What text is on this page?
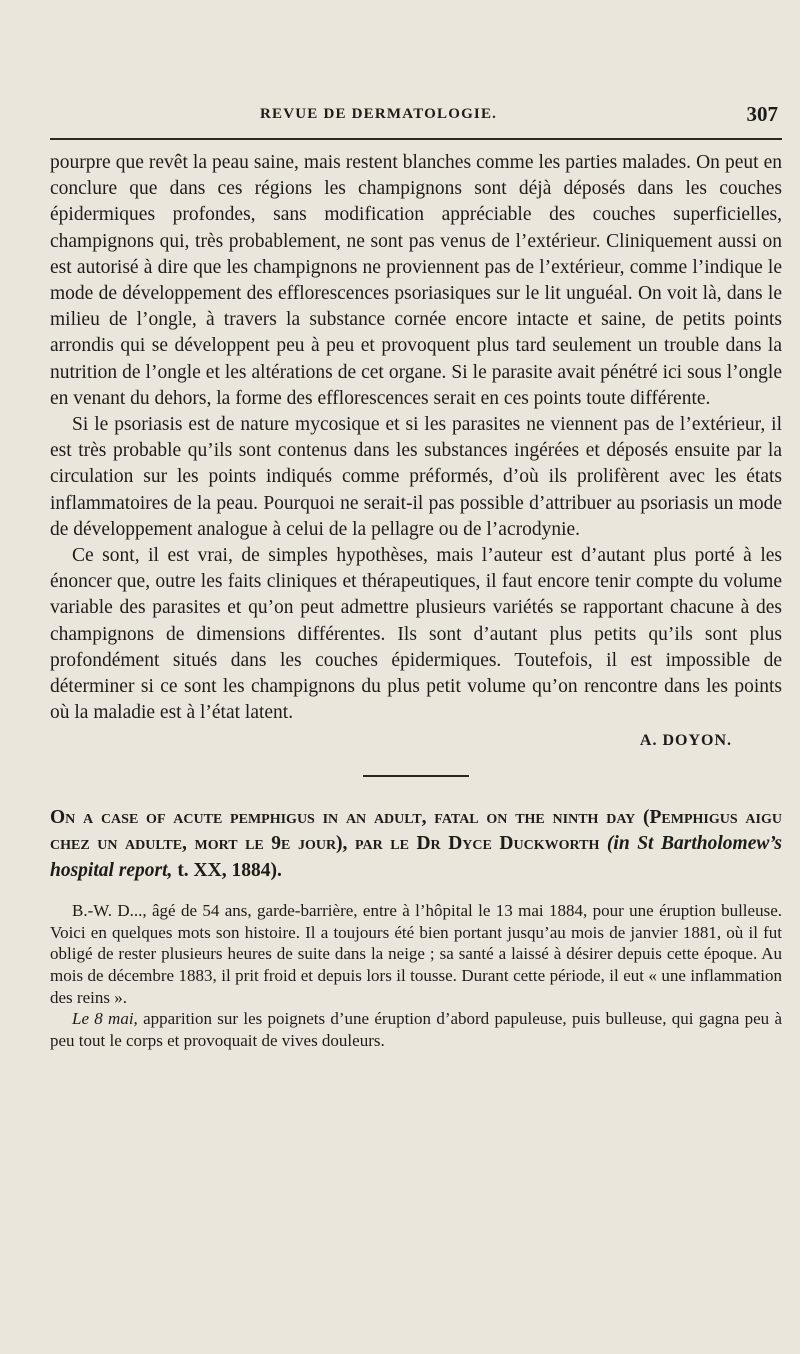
REVUE DE DERMATOLOGIE.	307

pourpre que revêt la peau saine, mais restent blanches comme les parties malades. On peut en conclure que dans ces régions les champignons sont déjà déposés dans les couches épidermiques profondes, sans modification appréciable des couches superficielles, champignons qui, très probablement, ne sont pas venus de l’extérieur. Cliniquement aussi on est autorisé à dire que les champignons ne proviennent pas de l’extérieur, comme l’indique le mode de développement des efflorescences psoriasiques sur le lit unguéal. On voit là, dans le milieu de l’ongle, à travers la substance cornée encore intacte et saine, de petits points arrondis qui se développent peu à peu et provoquent plus tard seulement un trouble dans la nutrition de l’ongle et les altérations de cet organe. Si le parasite avait pénétré ici sous l’ongle en venant du dehors, la forme des efflorescences serait en ces points toute différente.

Si le psoriasis est de nature mycosique et si les parasites ne viennent pas de l’extérieur, il est très probable qu’ils sont contenus dans les substances ingérées et déposés ensuite par la circulation sur les points indiqués comme préformés, d’où ils prolifèrent avec les états inflammatoires de la peau. Pourquoi ne serait-il pas possible d’attribuer au psoriasis un mode de développement analogue à celui de la pellagre ou de l’acrodynie.

Ce sont, il est vrai, de simples hypothèses, mais l’auteur est d’autant plus porté à les énoncer que, outre les faits cliniques et thérapeutiques, il faut encore tenir compte du volume variable des parasites et qu’on peut admettre plusieurs variétés se rapportant chacune à des champignons de dimensions différentes. Ils sont d’autant plus petits qu’ils sont plus profondément situés dans les couches épidermiques. Toutefois, il est impossible de déterminer si ce sont les champignons du plus petit volume qu’on rencontre dans les points où la maladie est à l’état latent.

A. DOYON.
On a case of acute pemphigus in an adult, fatal on the ninth day (Pemphigus aigu chez un adulte, mort le 9e jour), par le Dr Dyce Duckworth (in St Bartholomew’s hospital report, t. XX, 1884).

B.-W. D..., âgé de 54 ans, garde-barrière, entre à l’hôpital le 13 mai 1884, pour une éruption bulleuse. Voici en quelques mots son histoire. Il a toujours été bien portant jusqu’au mois de janvier 1881, où il fut obligé de rester plusieurs heures de suite dans la neige ; sa santé a laissé à désirer depuis cette époque. Au mois de décembre 1883, il prit froid et depuis lors il tousse. Durant cette période, il eut « une inflammation des reins ».

Le 8 mai, apparition sur les poignets d’une éruption d’abord papuleuse, puis bulleuse, qui gagna peu à peu tout le corps et provoquait de vives douleurs.
